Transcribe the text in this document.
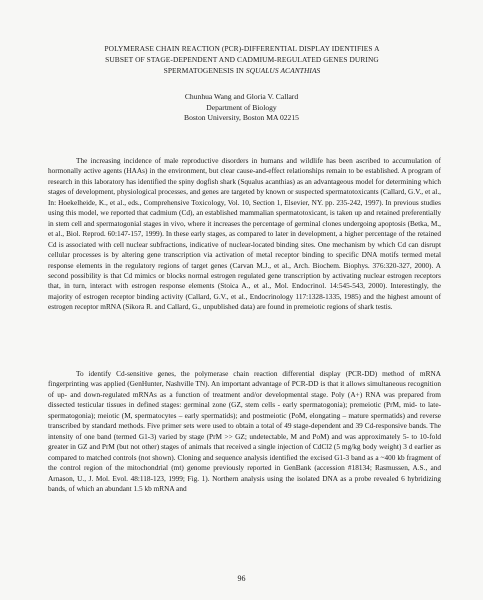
POLYMERASE CHAIN REACTION (PCR)-DIFFERENTIAL DISPLAY IDENTIFIES A
SUBSET OF STAGE-DEPENDENT AND CADMIUM-REGULATED GENES DURING
SPERMATOGENESIS IN SQUALUS ACANTHIAS
Chunhua Wang and Gloria V. Callard
Department of Biology
Boston University, Boston MA 02215

The increasing incidence of male reproductive disorders in humans and wildlife has been ascribed to accumulation of hormonally active agents (HAAs) in the environment, but clear cause-and-effect relationships remain to be established. A program of research in this laboratory has identified the spiny dogfish shark (Squalus acanthias) as an advantageous model for determining which stages of development, physiological processes, and genes are targeted by known or suspected spermatotoxicants (Callard, G.V., et al., In: Hoekelheide, K., et al., eds., Comprehensive Toxicology, Vol. 10, Section 1, Elsevier, NY. pp. 235-242, 1997). In previous studies using this model, we reported that cadmium (Cd), an established mammalian spermatotoxicant, is taken up and retained preferentially in stem cell and spermatogonial stages in vivo, where it increases the percentage of germinal clones undergoing apoptosis (Betka, M., et al., Biol. Reprod. 60:147-157, 1999). In these early stages, as compared to later in development, a higher percentage of the retained Cd is associated with cell nuclear subfractions, indicative of nuclear-located binding sites. One mechanism by which Cd can disrupt cellular processes is by altering gene transcription via activation of metal receptor binding to specific DNA motifs termed metal response elements in the regulatory regions of target genes (Carvan M.J., et al., Arch. Biochem. Biophys. 376:320-327, 2000). A second possibility is that Cd mimics or blocks normal estrogen regulated gene transcription by activating nuclear estrogen receptors that, in turn, interact with estrogen response elements (Stoica A., et al., Mol. Endocrinol. 14:545-543, 2000). Interestingly, the majority of estrogen receptor binding activity (Callard, G.V., et al., Endocrinology 117:1328-1335, 1985) and the highest amount of estrogen receptor mRNA (Sikora R. and Callard, G., unpublished data) are found in premeiotic regions of shark testis.

To identify Cd-sensitive genes, the polymerase chain reaction differential display (PCR-DD) method of mRNA fingerprinting was applied (GenHunter, Nashville TN). An important advantage of PCR-DD is that it allows simultaneous recognition of up- and down-regulated mRNAs as a function of treatment and/or developmental stage. Poly (A+) RNA was prepared from dissected testicular tissues in defined stages: germinal zone (GZ, stem cells - early spermatogonia); premeiotic (PrM, mid- to late-spermatogonia); meiotic (M, spermatocytes – early spermatids); and postmeiotic (PoM, elongating – mature spermatids) and reverse transcribed by standard methods. Five primer sets were used to obtain a total of 49 stage-dependent and 39 Cd-responsive bands. The intensity of one band (termed G1-3) varied by stage (PrM >> GZ; undetectable, M and PoM) and was approximately 5- to 10-fold greater in GZ and PrM (but not other) stages of animals that received a single injection of CdCl2 (5 mg/kg body weight) 3 d earlier as compared to matched controls (not shown). Cloning and sequence analysis identified the excised G1-3 band as a ~400 kb fragment of the control region of the mitochondrial (mt) genome previously reported in GenBank (accession #18134; Rasmussen, A.S., and Arnason, U., J. Mol. Evol. 48:118-123, 1999; Fig. 1). Northern analysis using the isolated DNA as a probe revealed 6 hybridizing bands, of which an abundant 1.5 kb mRNA and

96
